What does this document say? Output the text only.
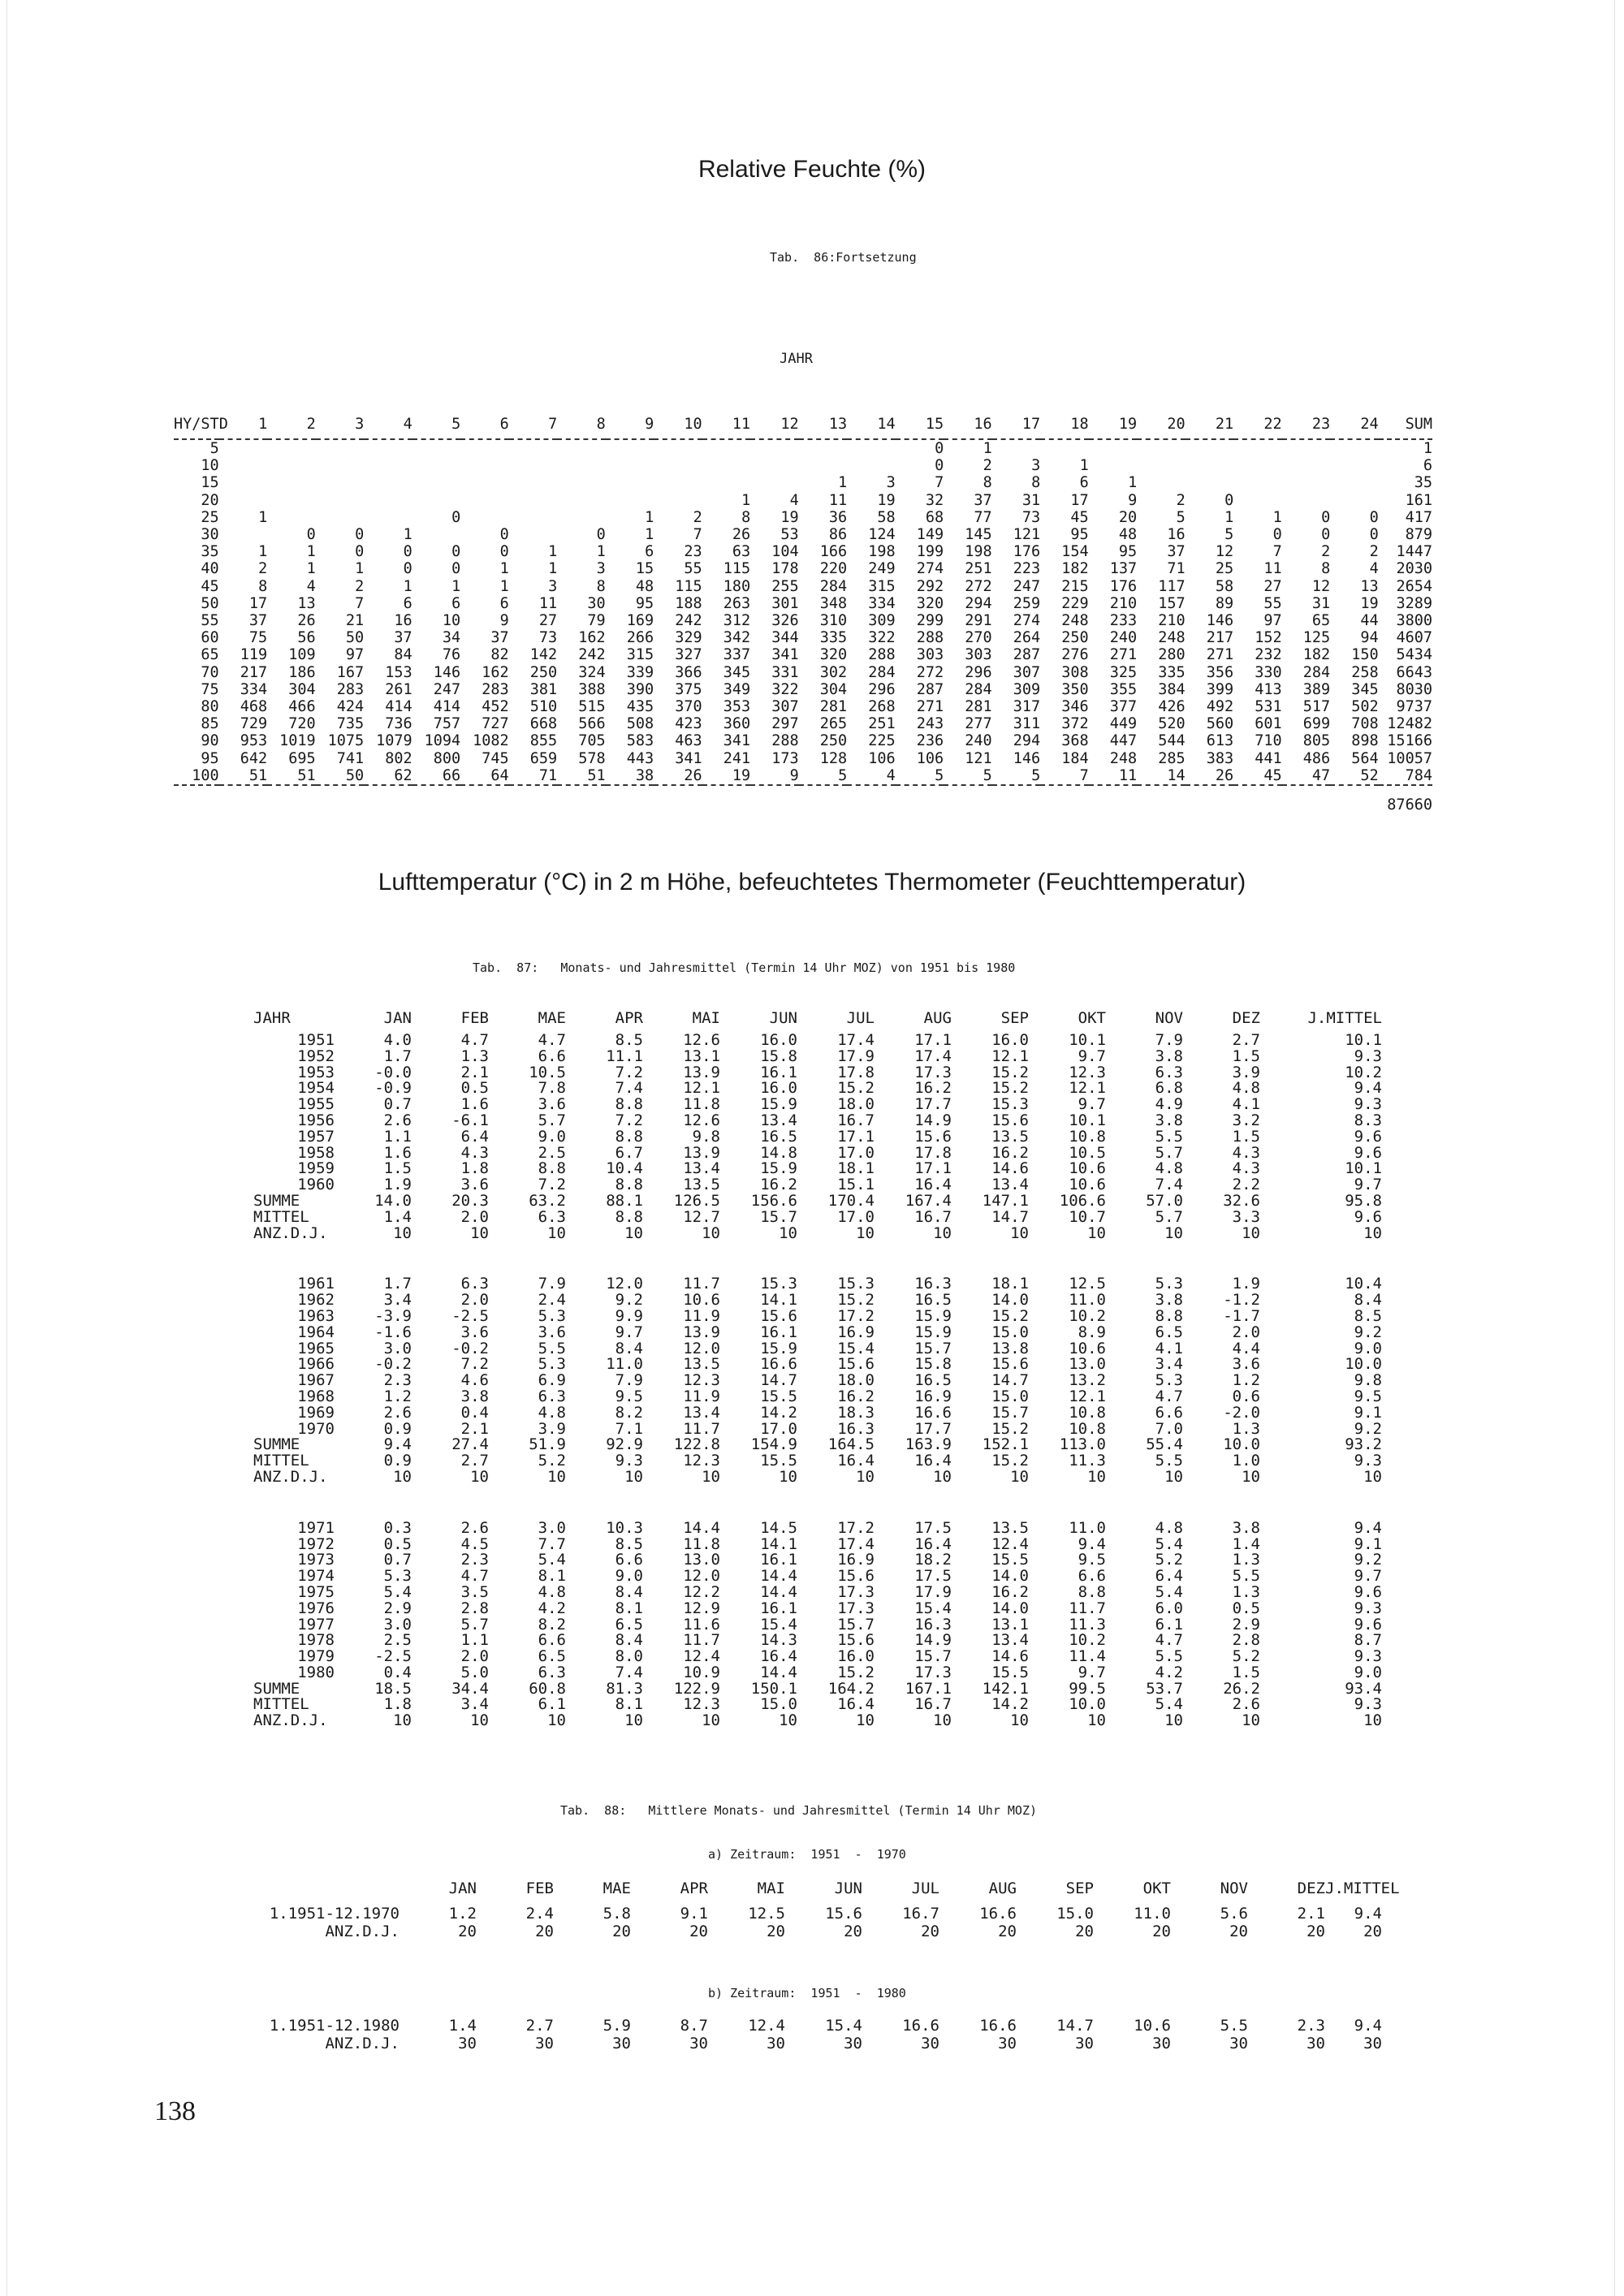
Relative Feuchte (%)
Tab.  86:Fortsetzung
JAHR
HY/STD	1	2	3	4	5	6	7	8	9	10	11	12	13	14	15	16	17	18	19	20	21	22	23	24	SUM
5															0	1									1
10															0	2	3	1							6
15													1	3	7	8	8	6	1						35
20											1	4	11	19	32	37	31	17	9	2	0				161
25	1				0				1	2	8	19	36	58	68	77	73	45	20	5	1	1	0	0	417
30		0	0	1		0		0	1	7	26	53	86	124	149	145	121	95	48	16	5	0	0	0	879
35	1	1	0	0	0	0	1	1	6	23	63	104	166	198	199	198	176	154	95	37	12	7	2	2	1447
40	2	1	1	0	0	1	1	3	15	55	115	178	220	249	274	251	223	182	137	71	25	11	8	4	2030
45	8	4	2	1	1	1	3	8	48	115	180	255	284	315	292	272	247	215	176	117	58	27	12	13	2654
50	17	13	7	6	6	6	11	30	95	188	263	301	348	334	320	294	259	229	210	157	89	55	31	19	3289
55	37	26	21	16	10	9	27	79	169	242	312	326	310	309	299	291	274	248	233	210	146	97	65	44	3800
60	75	56	50	37	34	37	73	162	266	329	342	344	335	322	288	270	264	250	240	248	217	152	125	94	4607
65	119	109	97	84	76	82	142	242	315	327	337	341	320	288	303	303	287	276	271	280	271	232	182	150	5434
70	217	186	167	153	146	162	250	324	339	366	345	331	302	284	272	296	307	308	325	335	356	330	284	258	6643
75	334	304	283	261	247	283	381	388	390	375	349	322	304	296	287	284	309	350	355	384	399	413	389	345	8030
80	468	466	424	414	414	452	510	515	435	370	353	307	281	268	271	281	317	346	377	426	492	531	517	502	9737
85	729	720	735	736	757	727	668	566	508	423	360	297	265	251	243	277	311	372	449	520	560	601	699	708	12482
90	953	1019	1075	1079	1094	1082	855	705	583	463	341	288	250	225	236	240	294	368	447	544	613	710	805	898	15166
95	642	695	741	802	800	745	659	578	443	341	241	173	128	106	106	121	146	184	248	285	383	441	486	564	10057
100	51	51	50	62	66	64	71	51	38	26	19	9	5	4	5	5	5	7	11	14	26	45	47	52	784

87660																									
Lufttemperatur (°C) in 2 m Höhe, befeuchtetes Thermometer (Feuchttemperatur)
Tab.  87:   Monats- und Jahresmittel (Termin 14 Uhr MOZ) von 1951 bis 1980
JAHR	JAN	FEB	MAE	APR	MAI	JUN	JUL	AUG	SEP	OKT	NOV	DEZ	J.MITTEL
1951	4.0	4.7	4.7	8.5	12.6	16.0	17.4	17.1	16.0	10.1	7.9	2.7	10.1
1952	1.7	1.3	6.6	11.1	13.1	15.8	17.9	17.4	12.1	9.7	3.8	1.5	9.3
1953	-0.0	2.1	10.5	7.2	13.9	16.1	17.8	17.3	15.2	12.3	6.3	3.9	10.2
1954	-0.9	0.5	7.8	7.4	12.1	16.0	15.2	16.2	15.2	12.1	6.8	4.8	9.4
1955	0.7	1.6	3.6	8.8	11.8	15.9	18.0	17.7	15.3	9.7	4.9	4.1	9.3
1956	2.6	-6.1	5.7	7.2	12.6	13.4	16.7	14.9	15.6	10.1	3.8	3.2	8.3
1957	1.1	6.4	9.0	8.8	9.8	16.5	17.1	15.6	13.5	10.8	5.5	1.5	9.6
1958	1.6	4.3	2.5	6.7	13.9	14.8	17.0	17.8	16.2	10.5	5.7	4.3	9.6
1959	1.5	1.8	8.8	10.4	13.4	15.9	18.1	17.1	14.6	10.6	4.8	4.3	10.1
1960	1.9	3.6	7.2	8.8	13.5	16.2	15.1	16.4	13.4	10.6	7.4	2.2	9.7
SUMME	14.0	20.3	63.2	88.1	126.5	156.6	170.4	167.4	147.1	106.6	57.0	32.6	95.8
MITTEL	1.4	2.0	6.3	8.8	12.7	15.7	17.0	16.7	14.7	10.7	5.7	3.3	9.6
ANZ.D.J.	10	10	10	10	10	10	10	10	10	10	10	10	10

1961	1.7	6.3	7.9	12.0	11.7	15.3	15.3	16.3	18.1	12.5	5.3	1.9	10.4
1962	3.4	2.0	2.4	9.2	10.6	14.1	15.2	16.5	14.0	11.0	3.8	-1.2	8.4
1963	-3.9	-2.5	5.3	9.9	11.9	15.6	17.2	15.9	15.2	10.2	8.8	-1.7	8.5
1964	-1.6	3.6	3.6	9.7	13.9	16.1	16.9	15.9	15.0	8.9	6.5	2.0	9.2
1965	3.0	-0.2	5.5	8.4	12.0	15.9	15.4	15.7	13.8	10.6	4.1	4.4	9.0
1966	-0.2	7.2	5.3	11.0	13.5	16.6	15.6	15.8	15.6	13.0	3.4	3.6	10.0
1967	2.3	4.6	6.9	7.9	12.3	14.7	18.0	16.5	14.7	13.2	5.3	1.2	9.8
1968	1.2	3.8	6.3	9.5	11.9	15.5	16.2	16.9	15.0	12.1	4.7	0.6	9.5
1969	2.6	0.4	4.8	8.2	13.4	14.2	18.3	16.6	15.7	10.8	6.6	-2.0	9.1
1970	0.9	2.1	3.9	7.1	11.7	17.0	16.3	17.7	15.2	10.8	7.0	1.3	9.2
SUMME	9.4	27.4	51.9	92.9	122.8	154.9	164.5	163.9	152.1	113.0	55.4	10.0	93.2
MITTEL	0.9	2.7	5.2	9.3	12.3	15.5	16.4	16.4	15.2	11.3	5.5	1.0	9.3
ANZ.D.J.	10	10	10	10	10	10	10	10	10	10	10	10	10

1971	0.3	2.6	3.0	10.3	14.4	14.5	17.2	17.5	13.5	11.0	4.8	3.8	9.4
1972	0.5	4.5	7.7	8.5	11.8	14.1	17.4	16.4	12.4	9.4	5.4	1.4	9.1
1973	0.7	2.3	5.4	6.6	13.0	16.1	16.9	18.2	15.5	9.5	5.2	1.3	9.2
1974	5.3	4.7	8.1	9.0	12.0	14.4	15.6	17.5	14.0	6.6	6.4	5.5	9.7
1975	5.4	3.5	4.8	8.4	12.2	14.4	17.3	17.9	16.2	8.8	5.4	1.3	9.6
1976	2.9	2.8	4.2	8.1	12.9	16.1	17.3	15.4	14.0	11.7	6.0	0.5	9.3
1977	3.0	5.7	8.2	6.5	11.6	15.4	15.7	16.3	13.1	11.3	6.1	2.9	9.6
1978	2.5	1.1	6.6	8.4	11.7	14.3	15.6	14.9	13.4	10.2	4.7	2.8	8.7
1979	-2.5	2.0	6.5	8.0	12.4	16.4	16.0	15.7	14.6	11.4	5.5	5.2	9.3
1980	0.4	5.0	6.3	7.4	10.9	14.4	15.2	17.3	15.5	9.7	4.2	1.5	9.0
SUMME	18.5	34.4	60.8	81.3	122.9	150.1	164.2	167.1	142.1	99.5	53.7	26.2	93.4
MITTEL	1.8	3.4	6.1	8.1	12.3	15.0	16.4	16.7	14.2	10.0	5.4	2.6	9.3
ANZ.D.J.	10	10	10	10	10	10	10	10	10	10	10	10	10
Tab.  88:   Mittlere Monats- und Jahresmittel (Termin 14 Uhr MOZ)
a) Zeitraum:  1951  -  1970
	JAN	FEB	MAE	APR	MAI	JUN	JUL	AUG	SEP	OKT	NOV	DEZ	J.MITTEL
1.1951-12.1970	1.2	2.4	5.8	9.1	12.5	15.6	16.7	16.6	15.0	11.0	5.6	2.1	9.4
ANZ.D.J.	20	20	20	20	20	20	20	20	20	20	20	20	20
b) Zeitraum:  1951  -  1980
1.1951-12.1980	1.4	2.7	5.9	8.7	12.4	15.4	16.6	16.6	14.7	10.6	5.5	2.3	9.4
ANZ.D.J.	30	30	30	30	30	30	30	30	30	30	30	30	30
138
